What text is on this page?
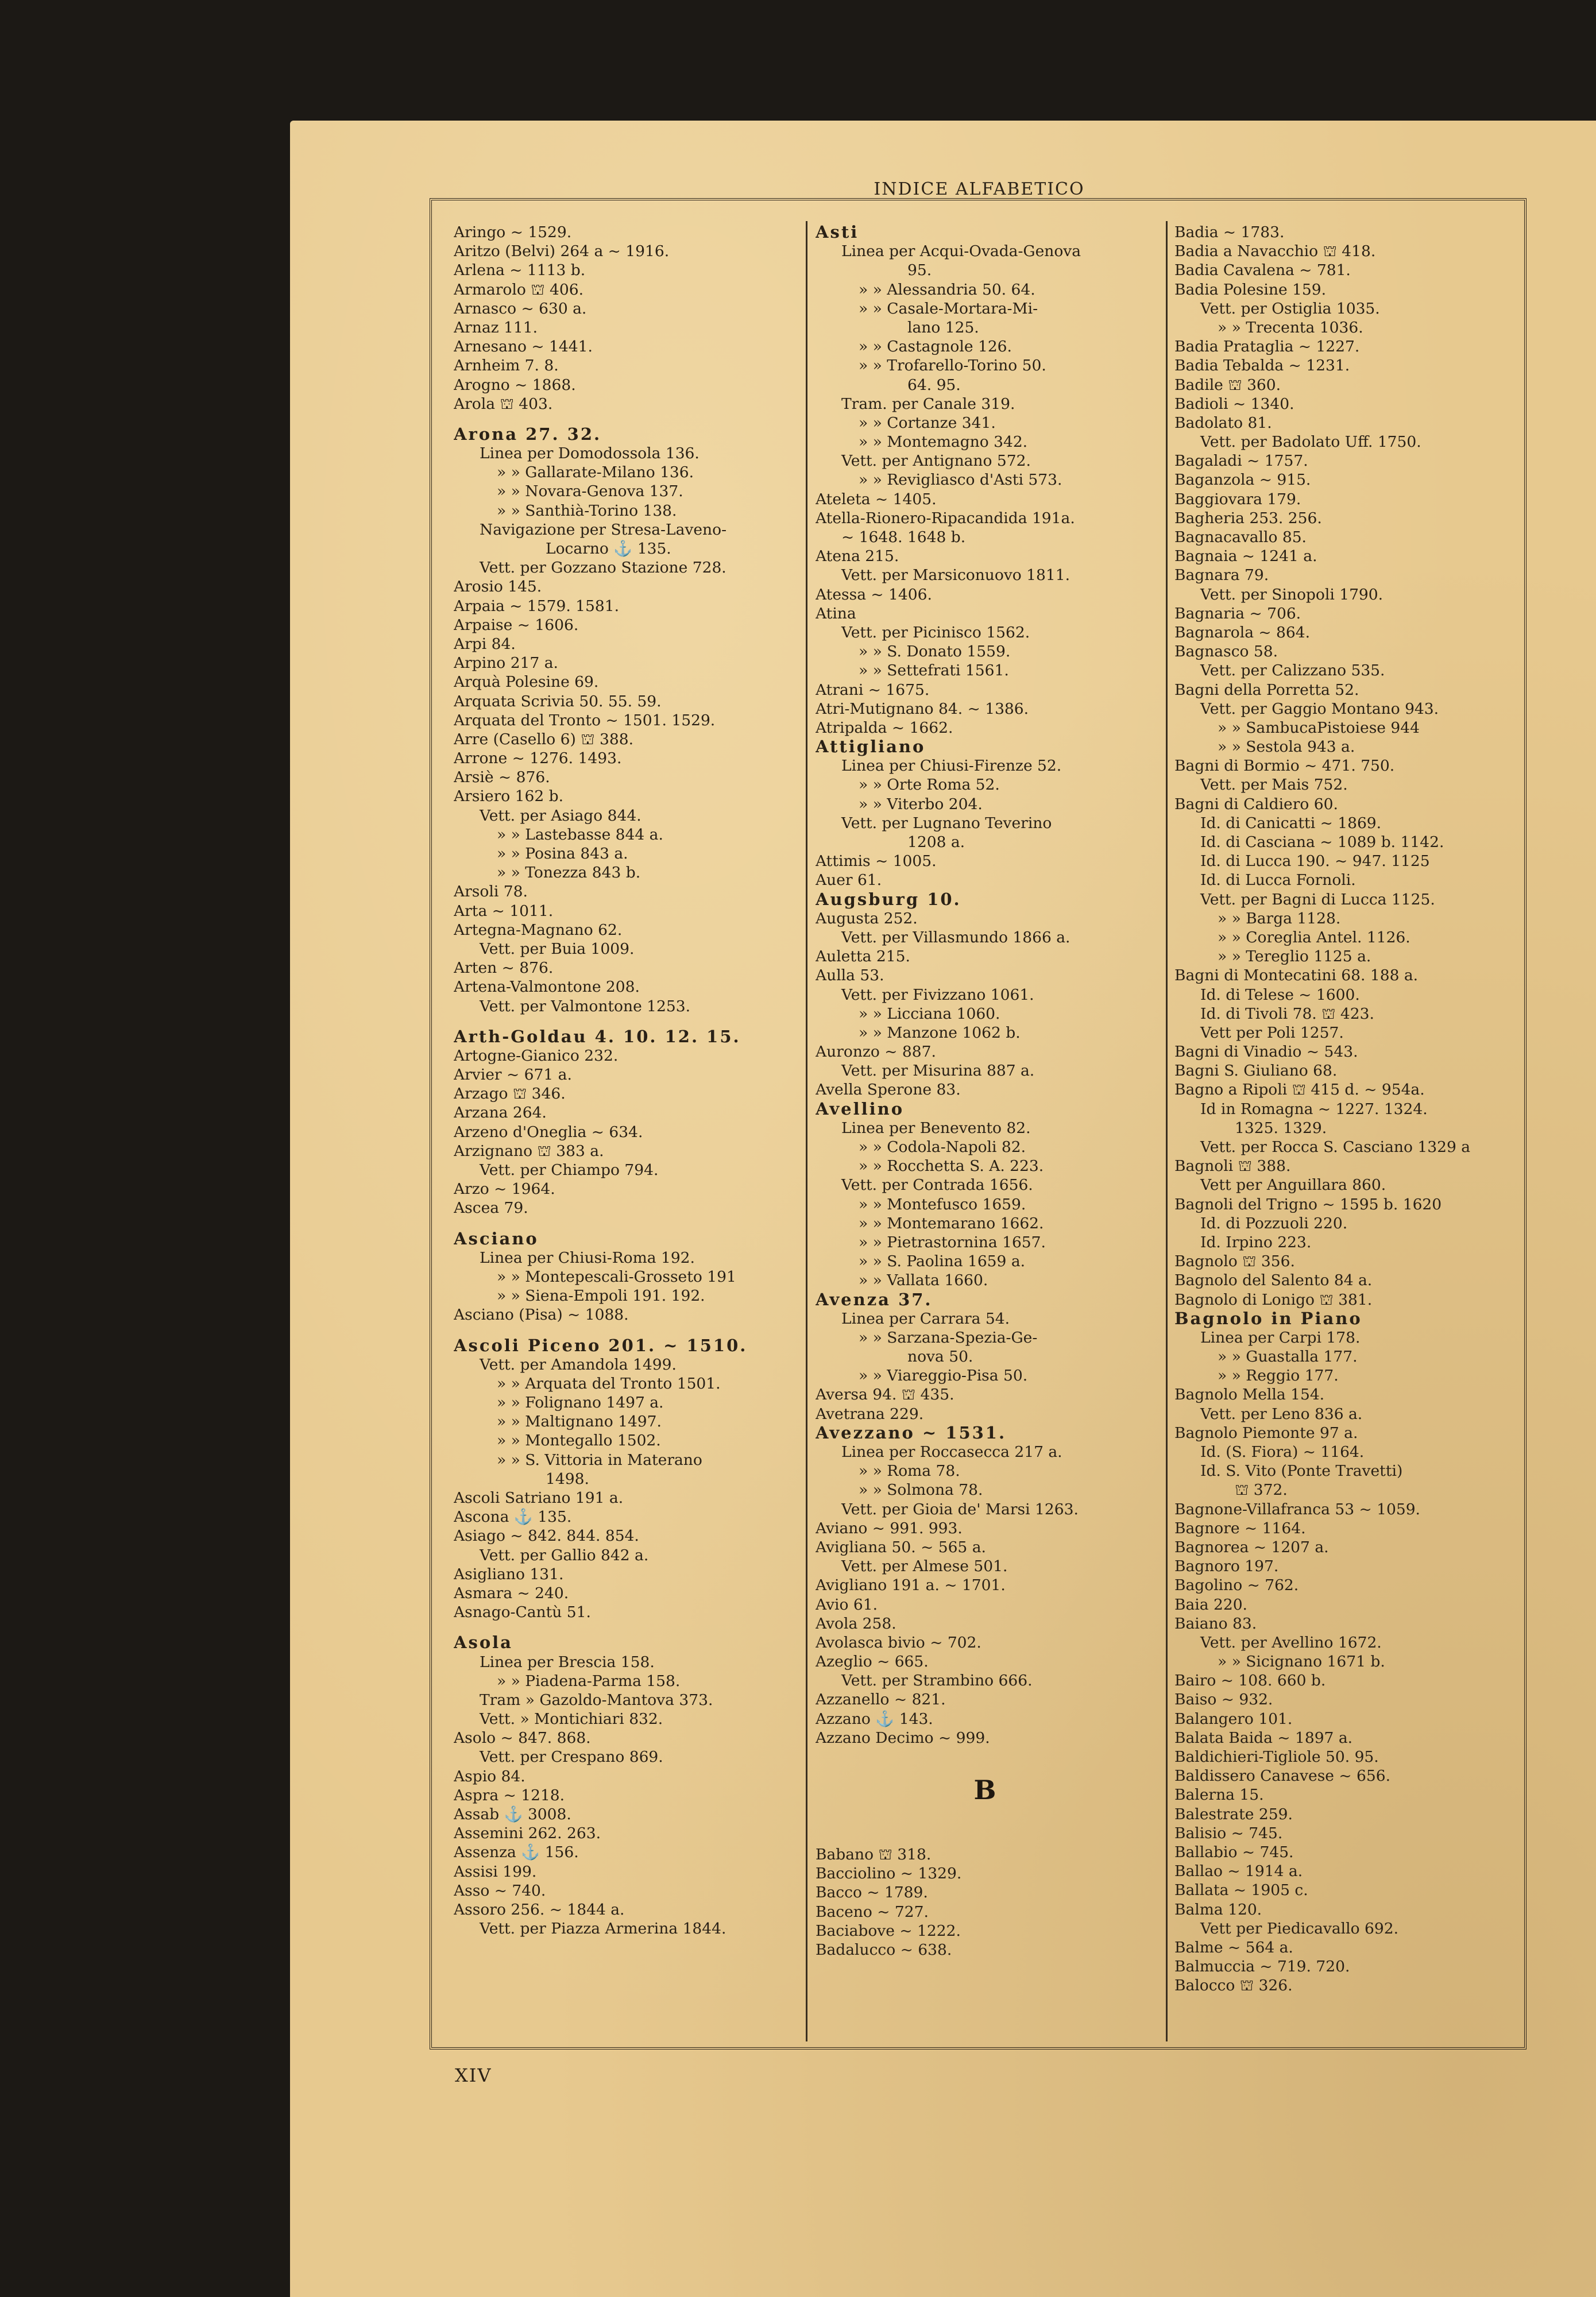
INDICE ALFABETICO
Aringo ~ 1529.
Aritzo (Belvi) 264 a ~ 1916.
Arlena ~ 1113 b.
Armarolo ⛫ 406.
Arnasco ~ 630 a.
Arnaz 111.
Arnesano ~ 1441.
Arnheim 7. 8.
Arogno ~ 1868.
Arola ⛫ 403.
Arona 27. 32.
Linea per Domodossola 136.
» » Gallarate-Milano 136.
» » Novara-Genova 137.
» » Santhià-Torino 138.
Navigazione per Stresa-Laveno-
Locarno ⚓ 135.
Vett. per Gozzano Stazione 728.
Arosio 145.
Arpaia ~ 1579. 1581.
Arpaise ~ 1606.
Arpi 84.
Arpino 217 a.
Arquà Polesine 69.
Arquata Scrivia 50. 55. 59.
Arquata del Tronto ~ 1501. 1529.
Arre (Casello 6) ⛫ 388.
Arrone ~ 1276. 1493.
Arsiè ~ 876.
Arsiero 162 b.
Vett. per Asiago 844.
» » Lastebasse 844 a.
» » Posina 843 a.
» » Tonezza 843 b.
Arsoli 78.
Arta ~ 1011.
Artegna-Magnano 62.
Vett. per Buia 1009.
Arten ~ 876.
Artena-Valmontone 208.
Vett. per Valmontone 1253.
Arth-Goldau 4. 10. 12. 15.
Artogne-Gianico 232.
Arvier ~ 671 a.
Arzago ⛫ 346.
Arzana 264.
Arzeno d'Oneglia ~ 634.
Arzignano ⛫ 383 a.
Vett. per Chiampo 794.
Arzo ~ 1964.
Ascea 79.
Asciano
Linea per Chiusi-Roma 192.
» » Montepescali-Grosseto 191
» » Siena-Empoli 191. 192.
Asciano (Pisa) ~ 1088.
Ascoli Piceno 201. ~ 1510.
Vett. per Amandola 1499.
» » Arquata del Tronto 1501.
» » Folignano 1497 a.
» » Maltignano 1497.
» » Montegallo 1502.
» » S. Vittoria in Materano
1498.
Ascoli Satriano 191 a.
Ascona ⚓ 135.
Asiago ~ 842. 844. 854.
Vett. per Gallio 842 a.
Asigliano 131.
Asmara ~ 240.
Asnago-Cantù 51.
Asola
Linea per Brescia 158.
» » Piadena-Parma 158.
Tram » Gazoldo-Mantova 373.
Vett. » Montichiari 832.
Asolo ~ 847. 868.
Vett. per Crespano 869.
Aspio 84.
Aspra ~ 1218.
Assab ⚓ 3008.
Assemini 262. 263.
Assenza ⚓ 156.
Assisi 199.
Asso ~ 740.
Assoro 256. ~ 1844 a.
Vett. per Piazza Armerina 1844.
Asti
Linea per Acqui-Ovada-Genova
95.
» » Alessandria 50. 64.
» » Casale-Mortara-Mi-
lano 125.
» » Castagnole 126.
» » Trofarello-Torino 50.
64. 95.
Tram. per Canale 319.
» » Cortanze 341.
» » Montemagno 342.
Vett. per Antignano 572.
» » Revigliasco d'Asti 573.
Ateleta ~ 1405.
Atella-Rionero-Ripacandida 191a.
~ 1648. 1648 b.
Atena 215.
Vett. per Marsiconuovo 1811.
Atessa ~ 1406.
Atina
Vett. per Picinisco 1562.
» » S. Donato 1559.
» » Settefrati 1561.
Atrani ~ 1675.
Atri-Mutignano 84. ~ 1386.
Atripalda ~ 1662.
Attigliano
Linea per Chiusi-Firenze 52.
» » Orte Roma 52.
» » Viterbo 204.
Vett. per Lugnano Teverino
1208 a.
Attimis ~ 1005.
Auer 61.
Augsburg 10.
Augusta 252.
Vett. per Villasmundo 1866 a.
Auletta 215.
Aulla 53.
Vett. per Fivizzano 1061.
» » Licciana 1060.
» » Manzone 1062 b.
Auronzo ~ 887.
Vett. per Misurina 887 a.
Avella Sperone 83.
Avellino
Linea per Benevento 82.
» » Codola-Napoli 82.
» » Rocchetta S. A. 223.
Vett. per Contrada 1656.
» » Montefusco 1659.
» » Montemarano 1662.
» » Pietrastornina 1657.
» » S. Paolina 1659 a.
» » Vallata 1660.
Avenza 37.
Linea per Carrara 54.
» » Sarzana-Spezia-Ge-
nova 50.
» » Viareggio-Pisa 50.
Aversa 94. ⛫ 435.
Avetrana 229.
Avezzano ~ 1531.
Linea per Roccasecca 217 a.
» » Roma 78.
» » Solmona 78.
Vett. per Gioia de' Marsi 1263.
Aviano ~ 991. 993.
Avigliana 50. ~ 565 a.
Vett. per Almese 501.
Avigliano 191 a. ~ 1701.
Avio 61.
Avola 258.
Avolasca bivio ~ 702.
Azeglio ~ 665.
Vett. per Strambino 666.
Azzanello ~ 821.
Azzano ⚓ 143.
Azzano Decimo ~ 999.
B
Babano ⛫ 318.
Bacciolino ~ 1329.
Bacco ~ 1789.
Baceno ~ 727.
Baciabove ~ 1222.
Badalucco ~ 638.
Badia ~ 1783.
Badia a Navacchio ⛫ 418.
Badia Cavalena ~ 781.
Badia Polesine 159.
Vett. per Ostiglia 1035.
» » Trecenta 1036.
Badia Prataglia ~ 1227.
Badia Tebalda ~ 1231.
Badile ⛫ 360.
Badioli ~ 1340.
Badolato 81.
Vett. per Badolato Uff. 1750.
Bagaladi ~ 1757.
Baganzola ~ 915.
Baggiovara 179.
Bagheria 253. 256.
Bagnacavallo 85.
Bagnaia ~ 1241 a.
Bagnara 79.
Vett. per Sinopoli 1790.
Bagnaria ~ 706.
Bagnarola ~ 864.
Bagnasco 58.
Vett. per Calizzano 535.
Bagni della Porretta 52.
Vett. per Gaggio Montano 943.
» » SambucaPistoiese 944
» » Sestola 943 a.
Bagni di Bormio ~ 471. 750.
Vett. per Mais 752.
Bagni di Caldiero 60.
Id. di Canicatti ~ 1869.
Id. di Casciana ~ 1089 b. 1142.
Id. di Lucca 190. ~ 947. 1125
Id. di Lucca Fornoli.
Vett. per Bagni di Lucca 1125.
» » Barga 1128.
» » Coreglia Antel. 1126.
» » Tereglio 1125 a.
Bagni di Montecatini 68. 188 a.
Id. di Telese ~ 1600.
Id. di Tivoli 78. ⛫ 423.
Vett per Poli 1257.
Bagni di Vinadio ~ 543.
Bagni S. Giuliano 68.
Bagno a Ripoli ⛫ 415 d. ~ 954a.
Id in Romagna ~ 1227. 1324.
1325. 1329.
Vett. per Rocca S. Casciano 1329 a
Bagnoli ⛫ 388.
Vett per Anguillara 860.
Bagnoli del Trigno ~ 1595 b. 1620
Id. di Pozzuoli 220.
Id. Irpino 223.
Bagnolo ⛫ 356.
Bagnolo del Salento 84 a.
Bagnolo di Lonigo ⛫ 381.
Bagnolo in Piano
Linea per Carpi 178.
» » Guastalla 177.
» » Reggio 177.
Bagnolo Mella 154.
Vett. per Leno 836 a.
Bagnolo Piemonte 97 a.
Id. (S. Fiora) ~ 1164.
Id. S. Vito (Ponte Travetti)
⛫ 372.
Bagnone-Villafranca 53 ~ 1059.
Bagnore ~ 1164.
Bagnorea ~ 1207 a.
Bagnoro 197.
Bagolino ~ 762.
Baia 220.
Baiano 83.
Vett. per Avellino 1672.
» » Sicignano 1671 b.
Bairo ~ 108. 660 b.
Baiso ~ 932.
Balangero 101.
Balata Baida ~ 1897 a.
Baldichieri-Tigliole 50. 95.
Baldissero Canavese ~ 656.
Balerna 15.
Balestrate 259.
Balisio ~ 745.
Ballabio ~ 745.
Ballao ~ 1914 a.
Ballata ~ 1905 c.
Balma 120.
Vett per Piedicavallo 692.
Balme ~ 564 a.
Balmuccia ~ 719. 720.
Balocco ⛫ 326.
XIV
